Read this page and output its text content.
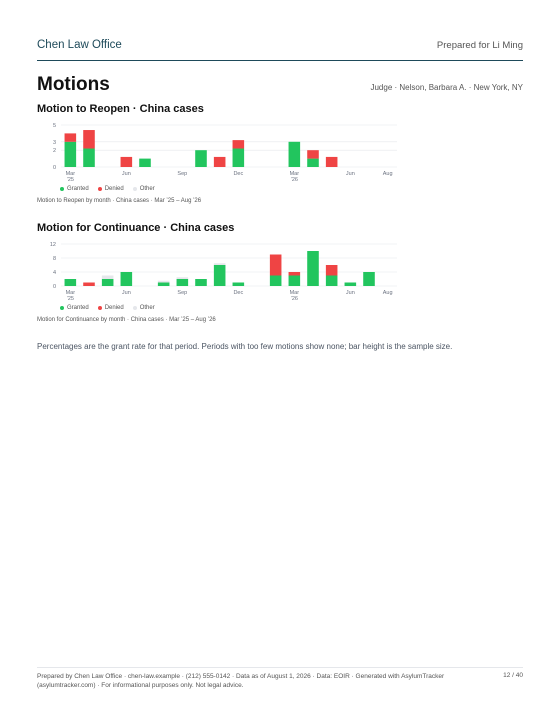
Chen Law Office	Prepared for Li Ming
Motions	Judge · Nelson, Barbara A. · New York, NY
Motion to Reopen · China cases
0
2
3
5
Mar
’25
Jun	Sep	Dec	Mar
’26
Jun	Aug
Granted	Denied	Other
Motion to Reopen by month · China cases · Mar ’25 – Aug ’26
Motion for Continuance · China cases
0
4
8
12
Mar
’25
Jun	Sep	Dec	Mar
’26
Jun	Aug
Granted	Denied	Other
Motion for Continuance by month · China cases · Mar ’25 – Aug ’26
Percentages are the grant rate for that period. Periods with too few motions show none; bar height is the sample size.
Prepared by Chen Law Office · chen-law.example · (212) 555-0142 · Data as of August 1, 2026 · Data: EOIR · Generated with AsylumTracker (asylumtracker.com) · For informational purposes only. Not legal advice.
12 / 40
